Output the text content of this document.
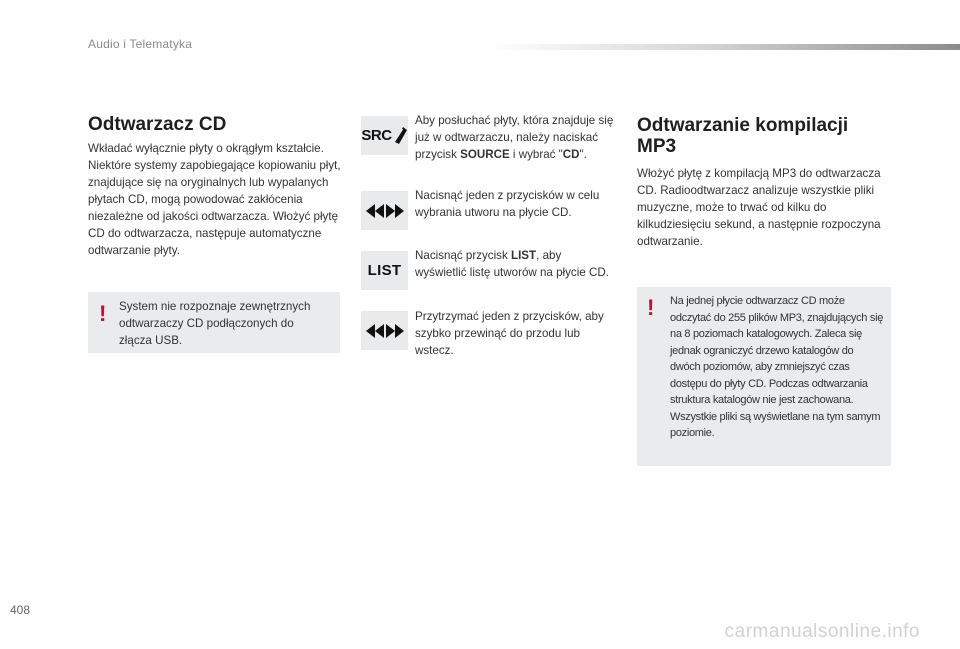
Audio i Telematyka
Odtwarzacz CD
Wkładać wyłącznie płyty o okrągłym kształcie. Niektóre systemy zapobiegające kopiowaniu płyt, znajdujące się na oryginalnych lub wypalanych płytach CD, mogą powodować zakłócenia niezależne od jakości odtwarzacza. Włożyć płytę CD do odtwarzacza, następuje automatyczne odtwarzanie płyty.
! System nie rozpoznaje zewnętrznych odtwarzaczy CD podłączonych do złącza USB.
SRC
Aby posłuchać płyty, która znajduje się już w odtwarzaczu, należy naciskać przycisk SOURCE i wybrać "CD".
Nacisnąć jeden z przycisków w celu wybrania utworu na płycie CD.
LIST
Nacisnąć przycisk LIST, aby wyświetlić listę utworów na płycie CD.
Przytrzymać jeden z przycisków, aby szybko przewinąć do przodu lub wstecz.
Odtwarzanie kompilacji
MP3
Włożyć płytę z kompilacją MP3 do odtwarzacza CD. Radioodtwarzacz analizuje wszystkie pliki muzyczne, może to trwać od kilku do kilkudziesięciu sekund, a następnie rozpoczyna odtwarzanie.
! Na jednej płycie odtwarzacz CD może odczytać do 255 plików MP3, znajdujących się na 8 poziomach katalogowych. Zaleca się jednak ograniczyć drzewo katalogów do dwóch poziomów, aby zmniejszyć czas dostępu do płyty CD. Podczas odtwarzania struktura katalogów nie jest zachowana. Wszystkie pliki są wyświetlane na tym samym poziomie.
408
carmanualsonline.info
